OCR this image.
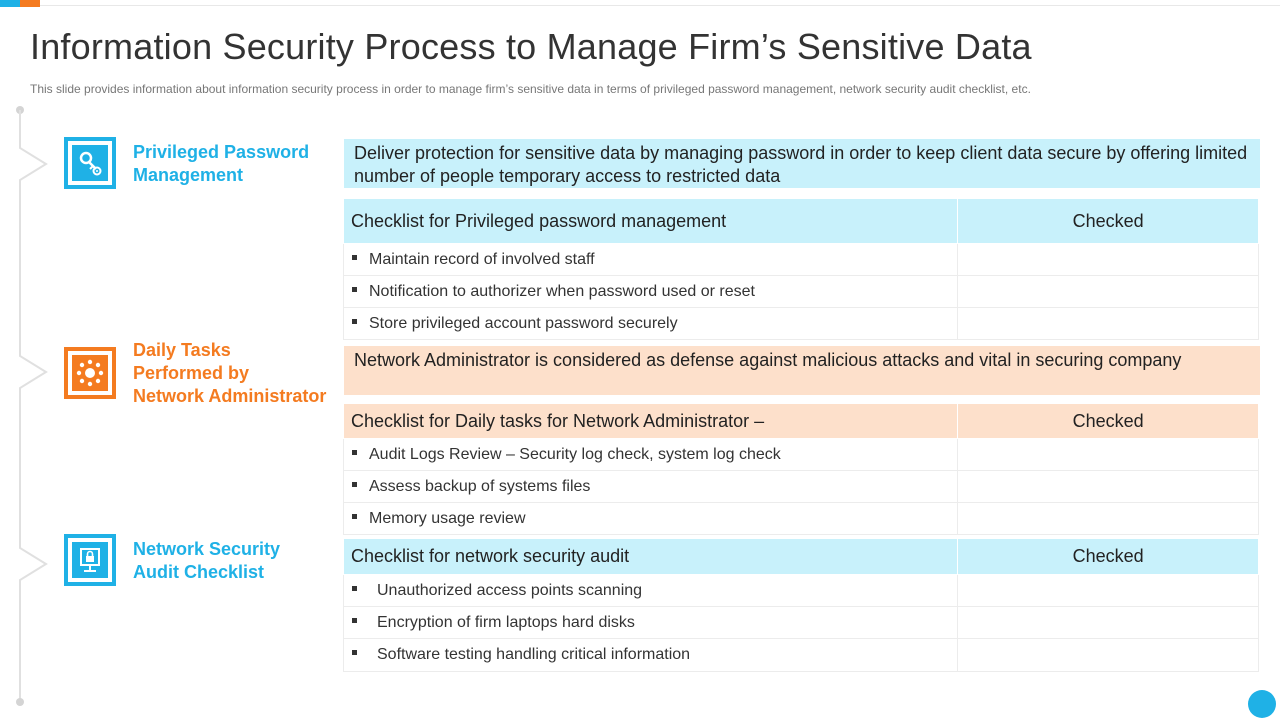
Information Security Process to Manage Firm’s Sensitive Data
This slide provides information about information security process in order to manage firm’s sensitive data in terms of privileged password management, network security audit checklist, etc.
Privileged Password
Management
Deliver protection for sensitive data by managing password in order to keep client data secure by offering limited number of people temporary access to restricted data
Checklist for Privileged password management	Checked
Maintain record of involved staff	
Notification to authorizer when password used or reset	
Store privileged account password securely	
Daily Tasks
Performed by
Network Administrator
Network Administrator is considered as defense against malicious attacks and vital in securing company
Checklist for Daily tasks for Network Administrator –	Checked
Audit Logs Review – Security log check, system log check	
Assess backup of systems files	
Memory usage review	
Network Security
Audit Checklist
Checklist for network security audit	Checked
Unauthorized access points scanning	
Encryption of firm laptops hard disks	
Software testing handling critical information	
